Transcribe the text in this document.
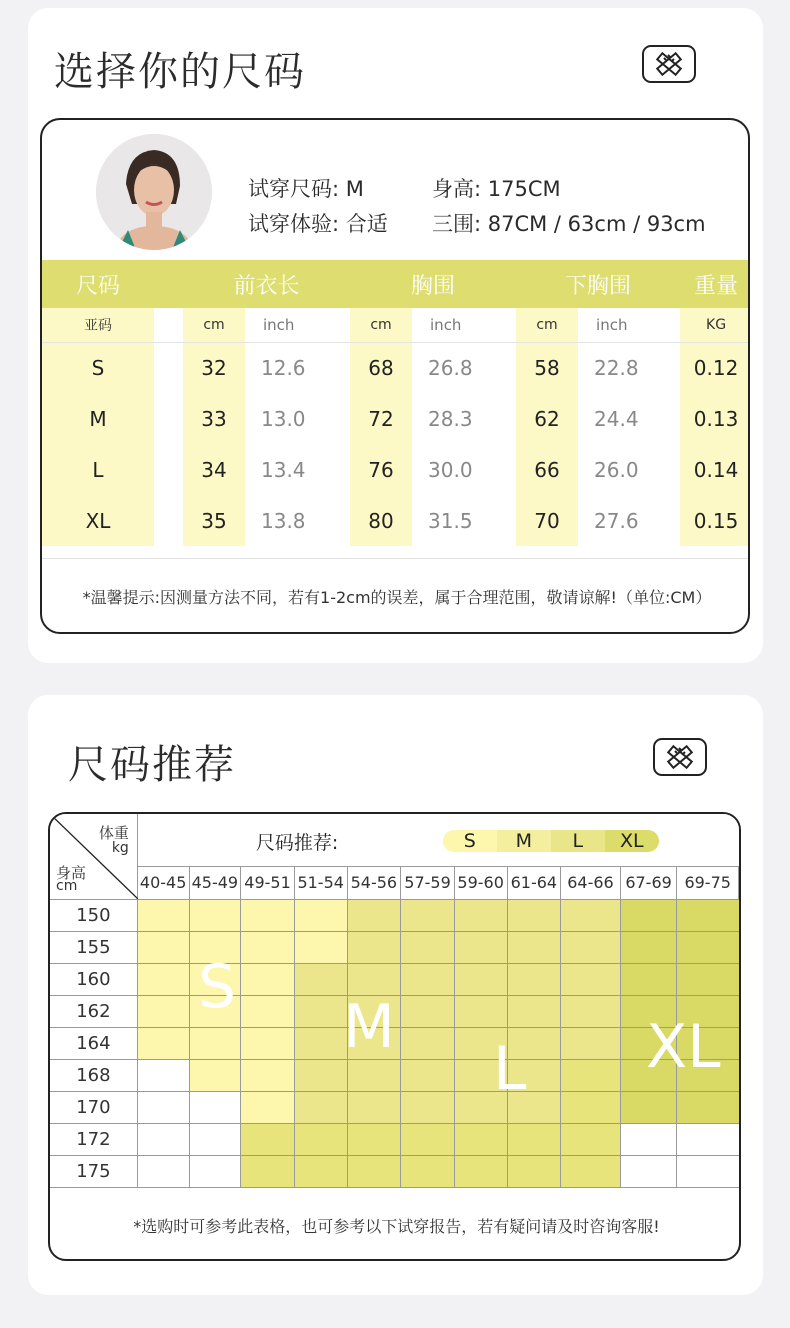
选择你的尺码
试穿尺码: M
试穿体验: 合适
身高: 175CM
三围: 87CM / 63cm / 93cm
尺码		前衣长		胸围		下胸围		重量
亚码		cm	inch	cm	inch	cm	inch	KG
S		32	12.6	68	26.8	58	22.8	0.12
M		33	13.0	72	28.3	62	24.4	0.13
L		34	13.4	76	30.0	66	26.0	0.14
XL		35	13.8	80	31.5	70	27.6	0.15
*温馨提示:因测量方法不同，若有1-2cm的误差，属于合理范围，敬请谅解!（单位:CM）
尺码推荐
体重
kg
身高
cm	尺码推荐: S M L XL										

	40-45	45-49	49-51	51-54	54-56	57-59	59-60	61-64	64-66	67-69	69-75
150											
155											
160											
162											
164											
168											
170											
172											
175											
S
M
L XL
*选购时可参考此表格，也可参考以下试穿报告，若有疑问请及时咨询客服!
